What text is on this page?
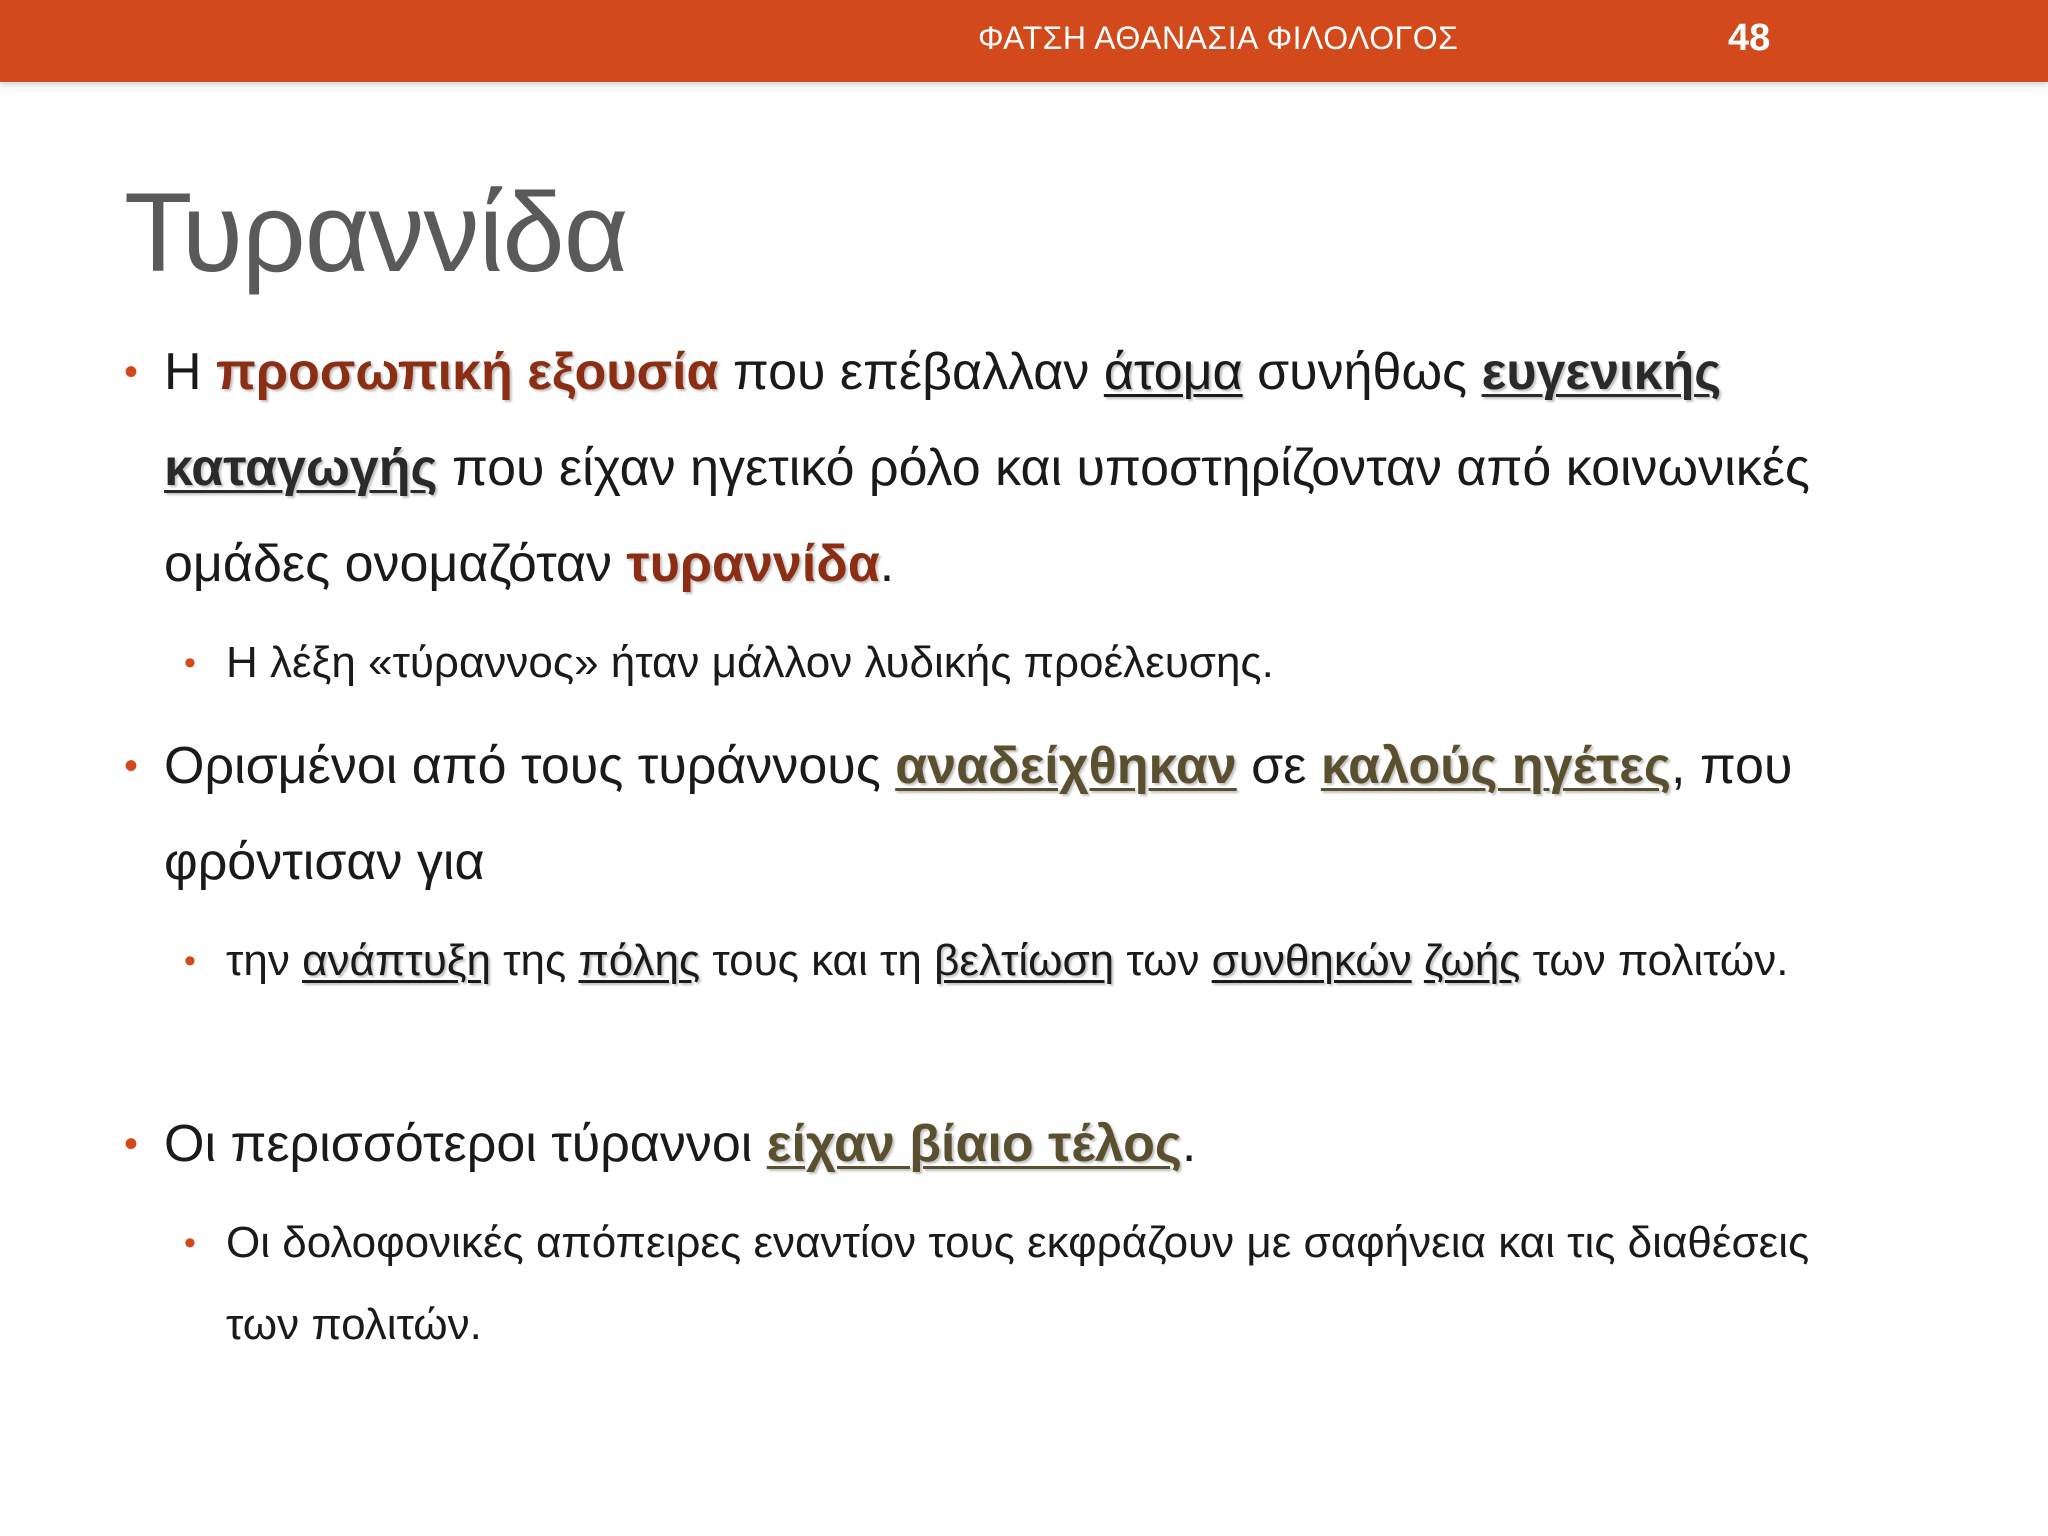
ΦΑΤΣΗ ΑΘΑΝΑΣΙΑ ΦΙΛΟΛΟΓΟΣ	48
Τυραννίδα
• Η προσωπική εξουσία που επέβαλλαν άτομα συνήθως ευγενικής καταγωγής που είχαν ηγετικό ρόλο και υποστηρίζονταν από κοινωνικές ομάδες ονομαζόταν τυραννίδα.
• Η λέξη «τύραννος» ήταν μάλλον λυδικής προέλευσης.
• Ορισμένοι από τους τυράννους αναδείχθηκαν σε καλούς ηγέτες, που φρόντισαν για
• την ανάπτυξη της πόλης τους και τη βελτίωση των συνθηκών ζωής των πολιτών.
• Οι περισσότεροι τύραννοι είχαν βίαιο τέλος.
• Οι δολοφονικές απόπειρες εναντίον τους εκφράζουν με σαφήνεια και τις διαθέσεις των πολιτών.
